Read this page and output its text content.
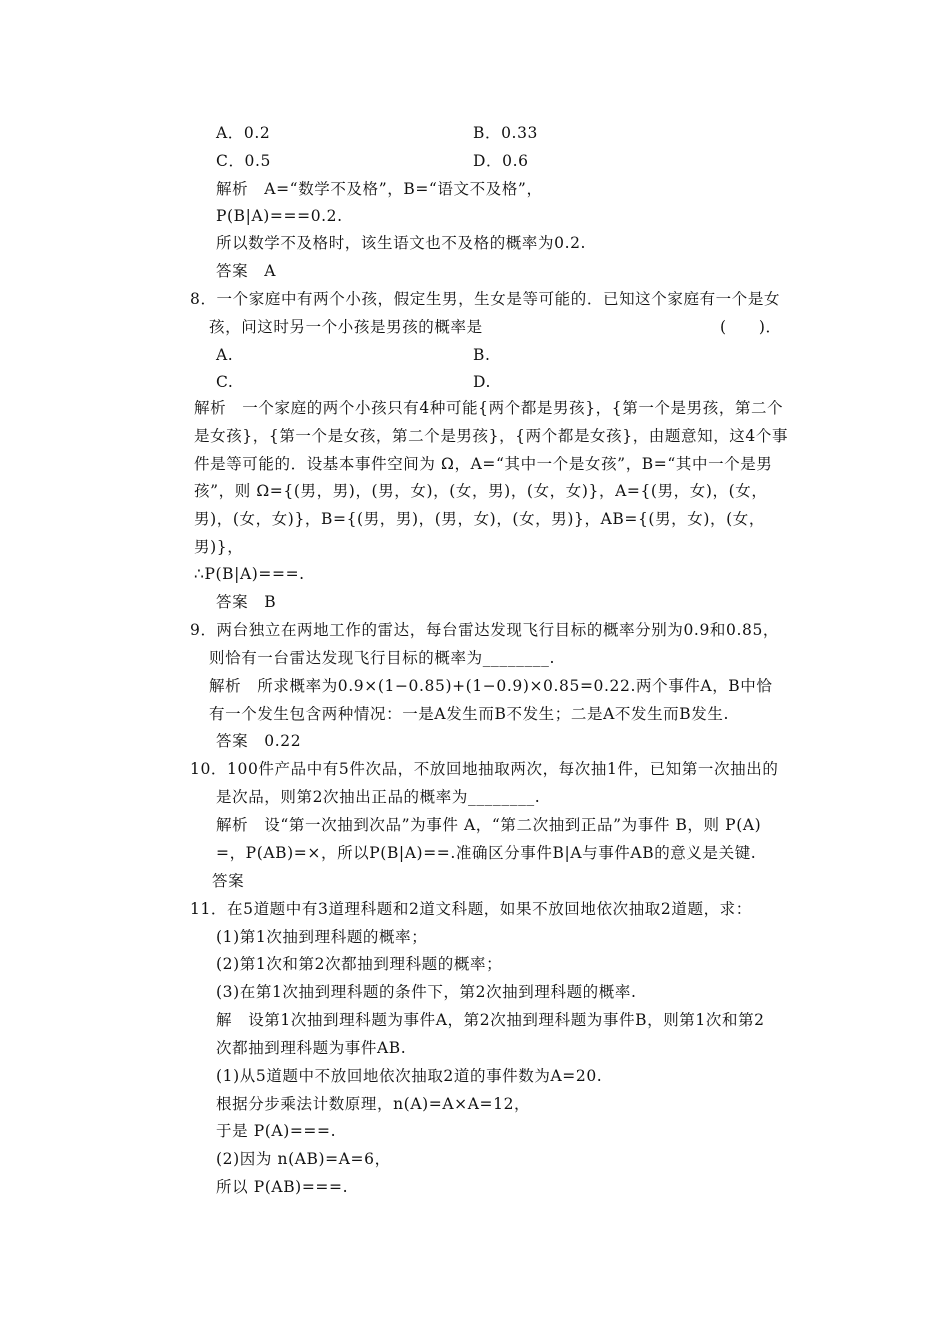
A．0.2	B．0.33
C．0.5	D．0.6
解析　A=“数学不及格”，B=“语文不及格”，
P(B|A)===0.2.
所以数学不及格时，该生语文也不及格的概率为0.2.
答案　A
8．一个家庭中有两个小孩，假定生男，生女是等可能的．已知这个家庭有一个是女
孩，问这时另一个小孩是男孩的概率是	(　　)．
A.	B.
C.	D.
解析　一个家庭的两个小孩只有4种可能{两个都是男孩}，{第一个是男孩，第二个
是女孩}，{第一个是女孩，第二个是男孩}，{两个都是女孩}，由题意知，这4个事
件是等可能的．设基本事件空间为 Ω，A=“其中一个是女孩”，B=“其中一个是男
孩”，则 Ω={(男，男)，(男，女)，(女，男)，(女，女)}，A={(男，女)，(女，
男)，(女，女)}，B={(男，男)，(男，女)，(女，男)}，AB={(男，女)，(女，
男)}，
∴P(B|A)===.
答案　B
9．两台独立在两地工作的雷达，每台雷达发现飞行目标的概率分别为0.9和0.85，
则恰有一台雷达发现飞行目标的概率为________.
解析　所求概率为0.9×(1−0.85)+(1−0.9)×0.85=0.22.两个事件A，B中恰
有一个发生包含两种情况：一是A发生而B不发生；二是A不发生而B发生.
答案　0.22
10．100件产品中有5件次品，不放回地抽取两次，每次抽1件，已知第一次抽出的
是次品，则第2次抽出正品的概率为________.
解析　设“第一次抽到次品”为事件 A，“第二次抽到正品”为事件 B，则 P(A)
=，P(AB)=×，所以P(B|A)==.准确区分事件B|A与事件AB的意义是关键.
答案
11．在5道题中有3道理科题和2道文科题，如果不放回地依次抽取2道题，求：
(1)第1次抽到理科题的概率；
(2)第1次和第2次都抽到理科题的概率；
(3)在第1次抽到理科题的条件下，第2次抽到理科题的概率.
解　设第1次抽到理科题为事件A，第2次抽到理科题为事件B，则第1次和第2
次都抽到理科题为事件AB.
(1)从5道题中不放回地依次抽取2道的事件数为A=20.
根据分步乘法计数原理，n(A)=A×A=12，
于是 P(A)===.
(2)因为 n(AB)=A=6，
所以 P(AB)===.
